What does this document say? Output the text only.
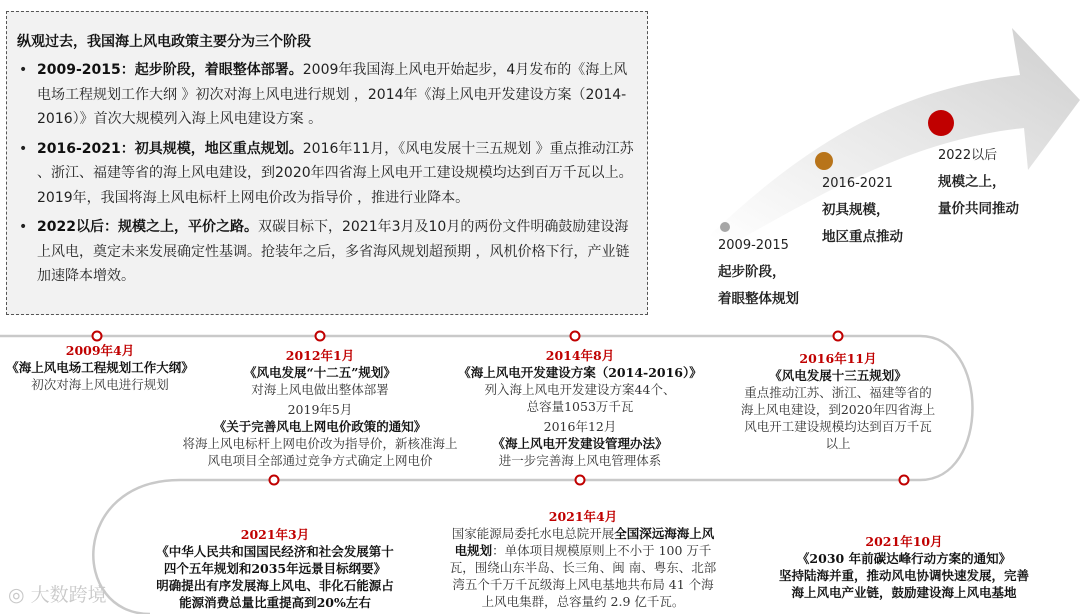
纵观过去，我国海上风电政策主要分为三个阶段
• 2009-2015：起步阶段，着眼整体部署。2009年我国海上风电开始起步，4月发布的《海上风电场工程规划工作大纲 》初次对海上风电进行规划 ，2014年《海上风电开发建设方案（2014-2016）》首次大规模列入海上风电建设方案 。
• 2016-2021：初具规模，地区重点规划。2016年11月，《风电发展十三五规划 》重点推动江苏 、浙江、福建等省的海上风电建设，到2020年四省海上风电开工建设规模均达到百万千瓦以上。 2019年，我国将海上风电标杆上网电价改为指导价 ，推进行业降本。
• 2022以后：规模之上，平价之路。双碳目标下，2021年3月及10月的两份文件明确鼓励建设海上风电，奠定未来发展确定性基调。抢装年之后，多省海风规划超预期 ，风机价格下行，产业链加速降本增效。
2009-2015
起步阶段，
着眼整体规划
2016-2021
初具规模，
地区重点推动
2022以后
规模之上，
量价共同推动
2009年4月
《海上风电场工程规划工作大纲》
初次对海上风电进行规划
2012年1月
《风电发展“十二五”规划》
对海上风电做出整体部署
2019年5月
《关于完善风电上网电价政策的通知》
将海上风电标杆上网电价改为指导价，新核准海上
风电项目全部通过竞争方式确定上网电价
2014年8月
《海上风电开发建设方案（2014-2016）》
列入海上风电开发建设方案44个、
总容量1053万千瓦
2016年12月
《海上风电开发建设管理办法》
进一步完善海上风电管理体系
2016年11月
《风电发展十三五规划》
重点推动江苏、浙江、福建等省的
海上风电建设，到2020年四省海上
风电开工建设规模均达到百万千瓦
以上
2021年3月
《中华人民共和国国民经济和社会发展第十
四个五年规划和2035年远景目标纲要》
明确提出有序发展海上风电、非化石能源占
能源消费总量比重提高到20%左右
2021年4月
国家能源局委托水电总院开展全国深远海海上风
电规划：单体项目规模原则上不小于 100 万千
瓦，围绕山东半岛、长三角、闽 南、粤东、北部
湾五个千万千瓦级海上风电基地共布局 41 个海
上风电集群，总容量约 2.9 亿千瓦。
2021年10月
《2030 年前碳达峰行动方案的通知》
坚持陆海并重，推动风电协调快速发展，完善
海上风电产业链，鼓励建设海上风电基地
◎ 大数跨境
